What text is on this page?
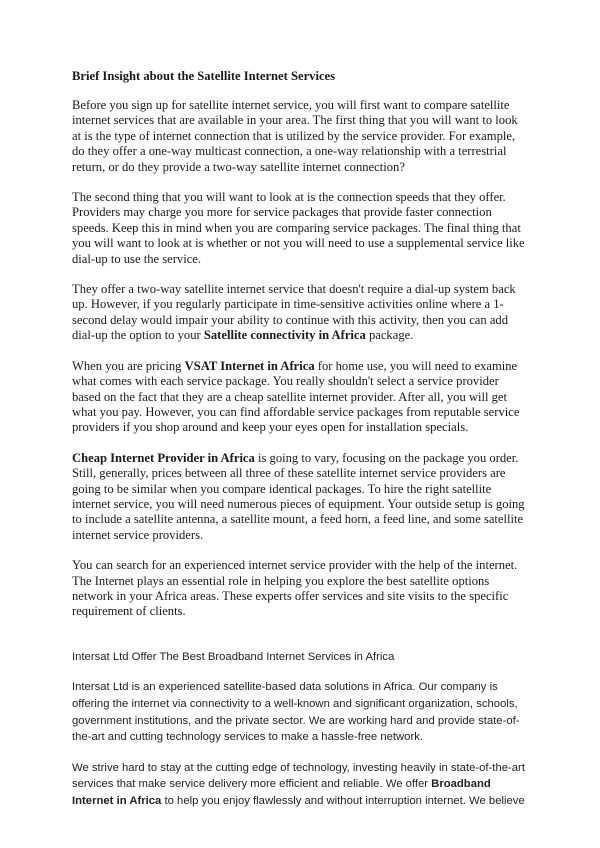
Brief Insight about the Satellite Internet Services

Before you sign up for satellite internet service, you will first want to compare satellite internet services that are available in your area. The first thing that you will want to look at is the type of internet connection that is utilized by the service provider. For example, do they offer a one-way multicast connection, a one-way relationship with a terrestrial return, or do they provide a two-way satellite internet connection?

The second thing that you will want to look at is the connection speeds that they offer. Providers may charge you more for service packages that provide faster connection speeds. Keep this in mind when you are comparing service packages. The final thing that you will want to look at is whether or not you will need to use a supplemental service like dial-up to use the service.

They offer a two-way satellite internet service that doesn't require a dial-up system back up. However, if you regularly participate in time-sensitive activities online where a 1-second delay would impair your ability to continue with this activity, then you can add dial-up the option to your Satellite connectivity in Africa package.

When you are pricing VSAT Internet in Africa for home use, you will need to examine what comes with each service package. You really shouldn't select a service provider based on the fact that they are a cheap satellite internet provider. After all, you will get what you pay. However, you can find affordable service packages from reputable service providers if you shop around and keep your eyes open for installation specials.

Cheap Internet Provider in Africa is going to vary, focusing on the package you order. Still, generally, prices between all three of these satellite internet service providers are going to be similar when you compare identical packages. To hire the right satellite internet service, you will need numerous pieces of equipment. Your outside setup is going to include a satellite antenna, a satellite mount, a feed horn, a feed line, and some satellite internet service providers.

You can search for an experienced internet service provider with the help of the internet. The Internet plays an essential role in helping you explore the best satellite options network in your Africa areas. These experts offer services and site visits to the specific requirement of clients.

Intersat Ltd Offer The Best Broadband Internet Services in Africa

Intersat Ltd is an experienced satellite-based data solutions in Africa. Our company is offering the internet via connectivity to a well-known and significant organization, schools, government institutions, and the private sector. We are working hard and provide state-of-the-art and cutting technology services to make a hassle-free network.

We strive hard to stay at the cutting edge of technology, investing heavily in state-of-the-art services that make service delivery more efficient and reliable. We offer Broadband Internet in Africa to help you enjoy flawlessly and without interruption internet. We believe
